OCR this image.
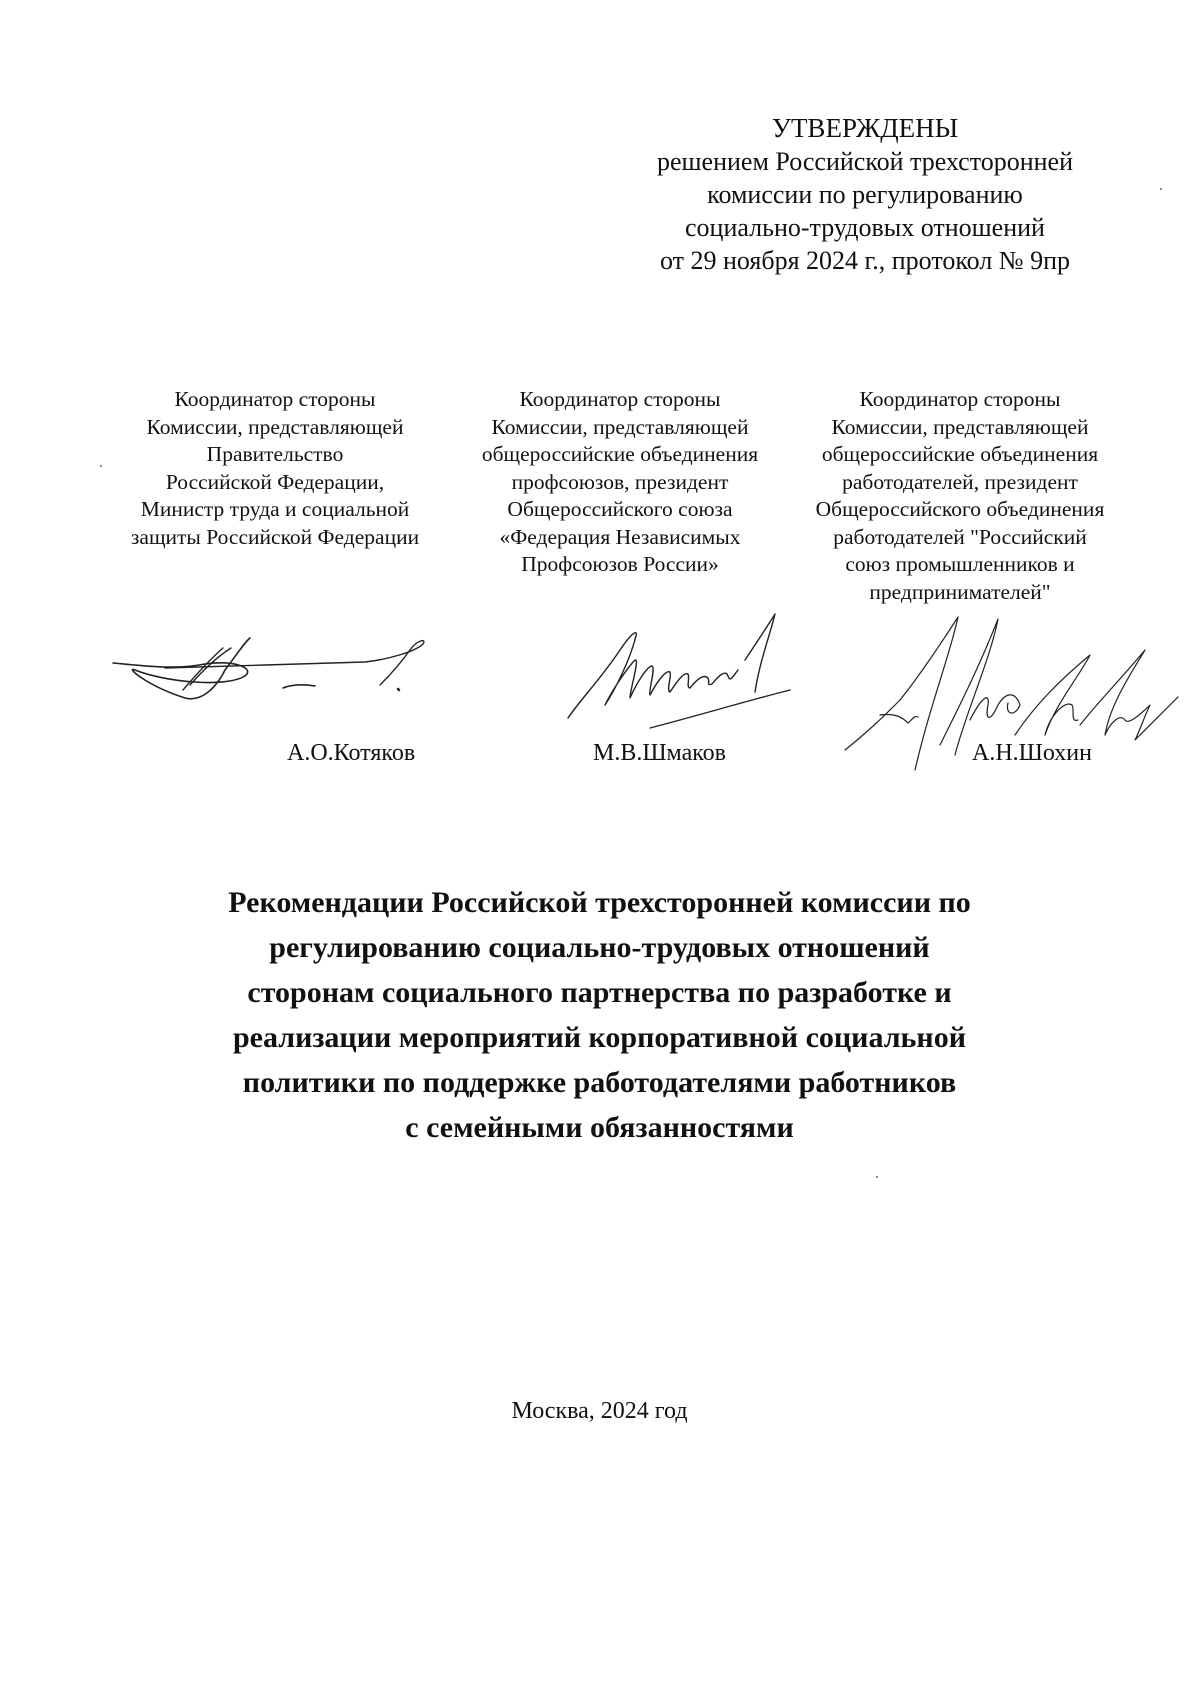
УТВЕРЖДЕНЫ
решением Российской трехсторонней
комиссии по регулированию
социально-трудовых отношений
от 29 ноября 2024 г., протокол № 9пр
Координатор стороны
Комиссии, представляющей
Правительство
Российской Федерации,
Министр труда и социальной
защиты Российской Федерации
Координатор стороны
Комиссии, представляющей
общероссийские объединения
профсоюзов, президент
Общероссийского союза
«Федерация Независимых
Профсоюзов России»
Координатор стороны
Комиссии, представляющей
общероссийские объединения
работодателей, президент
Общероссийского объединения
работодателей "Российский
союз промышленников и
предпринимателей"
А.О.Котяков	М.В.Шмаков	А.Н.Шохин
Рекомендации Российской трехсторонней комиссии по
регулированию социально-трудовых отношений
сторонам социального партнерства по разработке и
реализации мероприятий корпоративной социальной
политики по поддержке работодателями работников
с семейными обязанностями
Москва, 2024 год
